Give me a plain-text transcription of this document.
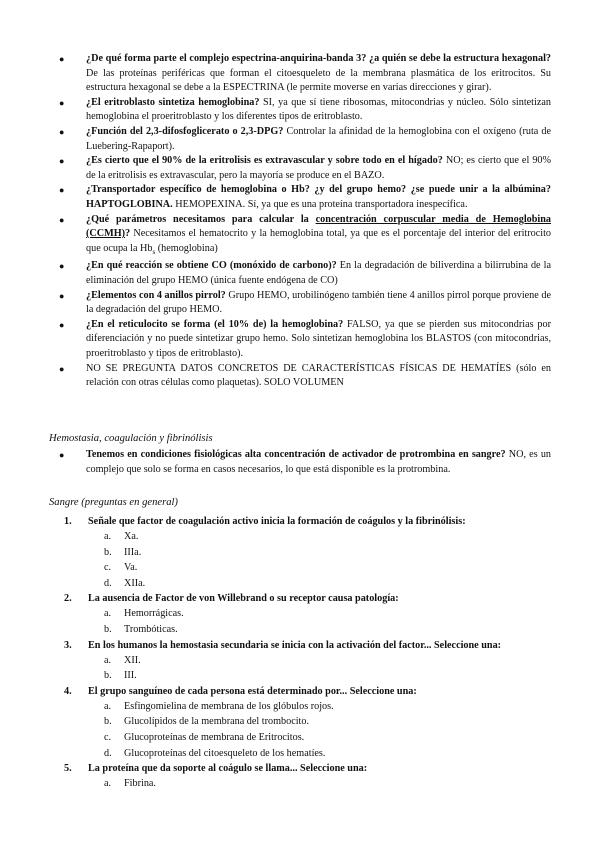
● ¿De qué forma parte el complejo espectrina-anquirina-banda 3? ¿a quién se debe la estructura hexagonal? De las proteínas periféricas que forman el citoesqueleto de la membrana plasmática de los eritrocitos. Su estructura hexagonal se debe a la ESPECTRINA (le permite moverse en varias direcciones y girar).
● ¿El eritroblasto sintetiza hemoglobina? SI, ya que sí tiene ribosomas, mitocondrias y núcleo. Sólo sintetizan hemoglobina el proeritroblasto y los diferentes tipos de eritroblasto.
● ¿Función del 2,3-difosfoglicerato o 2,3-DPG? Controlar la afinidad de la hemoglobina con el oxígeno (ruta de Luebering-Rapaport).
● ¿Es cierto que el 90% de la eritrolisis es extravascular y sobre todo en el hígado? NO; es cierto que el 90% de la eritrolisis es extravascular, pero la mayoría se produce en el BAZO.
● ¿Transportador específico de hemoglobina o Hb? ¿y del grupo hemo? ¿se puede unir a la albúmina? HAPTOGLOBINA. HEMOPEXINA. Sí, ya que es una proteína transportadora inespecífica.
● ¿Qué parámetros necesitamos para calcular la concentración corpuscular media de Hemoglobina (CCMH)? Necesitamos el hematocrito y la hemoglobina total, ya que es el porcentaje del interior del eritrocito que ocupa la $Hb_s$ (hemoglobina)
● ¿En qué reacción se obtiene CO (monóxido de carbono)? En la degradación de biliverdina a bilirrubina de la eliminación del grupo HEMO (única fuente endógena de CO)
● ¿Elementos con 4 anillos pirrol? Grupo HEMO, urobilinógeno también tiene 4 anillos pirrol porque proviene de la degradación del grupo HEMO.
● ¿En el reticulocito se forma (el 10% de) la hemoglobina? FALSO, ya que se pierden sus mitocondrias por diferenciación y no puede sintetizar grupo hemo. Solo sintetizan hemoglobina los BLASTOS (con mitocondrias, proeritroblasto y tipos de eritroblasto).
● NO SE PREGUNTA DATOS CONCRETOS DE CARACTERÍSTICAS FÍSICAS DE HEMATÍES (sólo en relación con otras células como plaquetas). SOLO VOLUMEN
Hemostasia, coagulación y fibrinólisis
● Tenemos en condiciones fisiológicas alta concentración de activador de protrombina en sangre? NO, es un complejo que solo se forma en casos necesarios, lo que está disponible es la protrombina.
Sangre (preguntas en general)
1. Señale que factor de coagulación activo inicia la formación de coágulos y la fibrinólisis:
a. Xa.
b. IIIa.
c. Va.
d. XIIa.
2. La ausencia de Factor de von Willebrand o su receptor causa patología:
a. Hemorrágicas.
b. Trombóticas.
3. En los humanos la hemostasia secundaria se inicia con la activación del factor... Seleccione una:
a. XII.
b. III.
4. El grupo sanguíneo de cada persona está determinado por... Seleccione una:
a. Esfingomielina de membrana de los glóbulos rojos.
b. Glucolípidos de la membrana del trombocito.
c. Glucoproteínas de membrana de Eritrocitos.
d. Glucoproteínas del citoesqueleto de los hematíes.
5. La proteína que da soporte al coágulo se llama... Seleccione una:
a. Fibrina.
